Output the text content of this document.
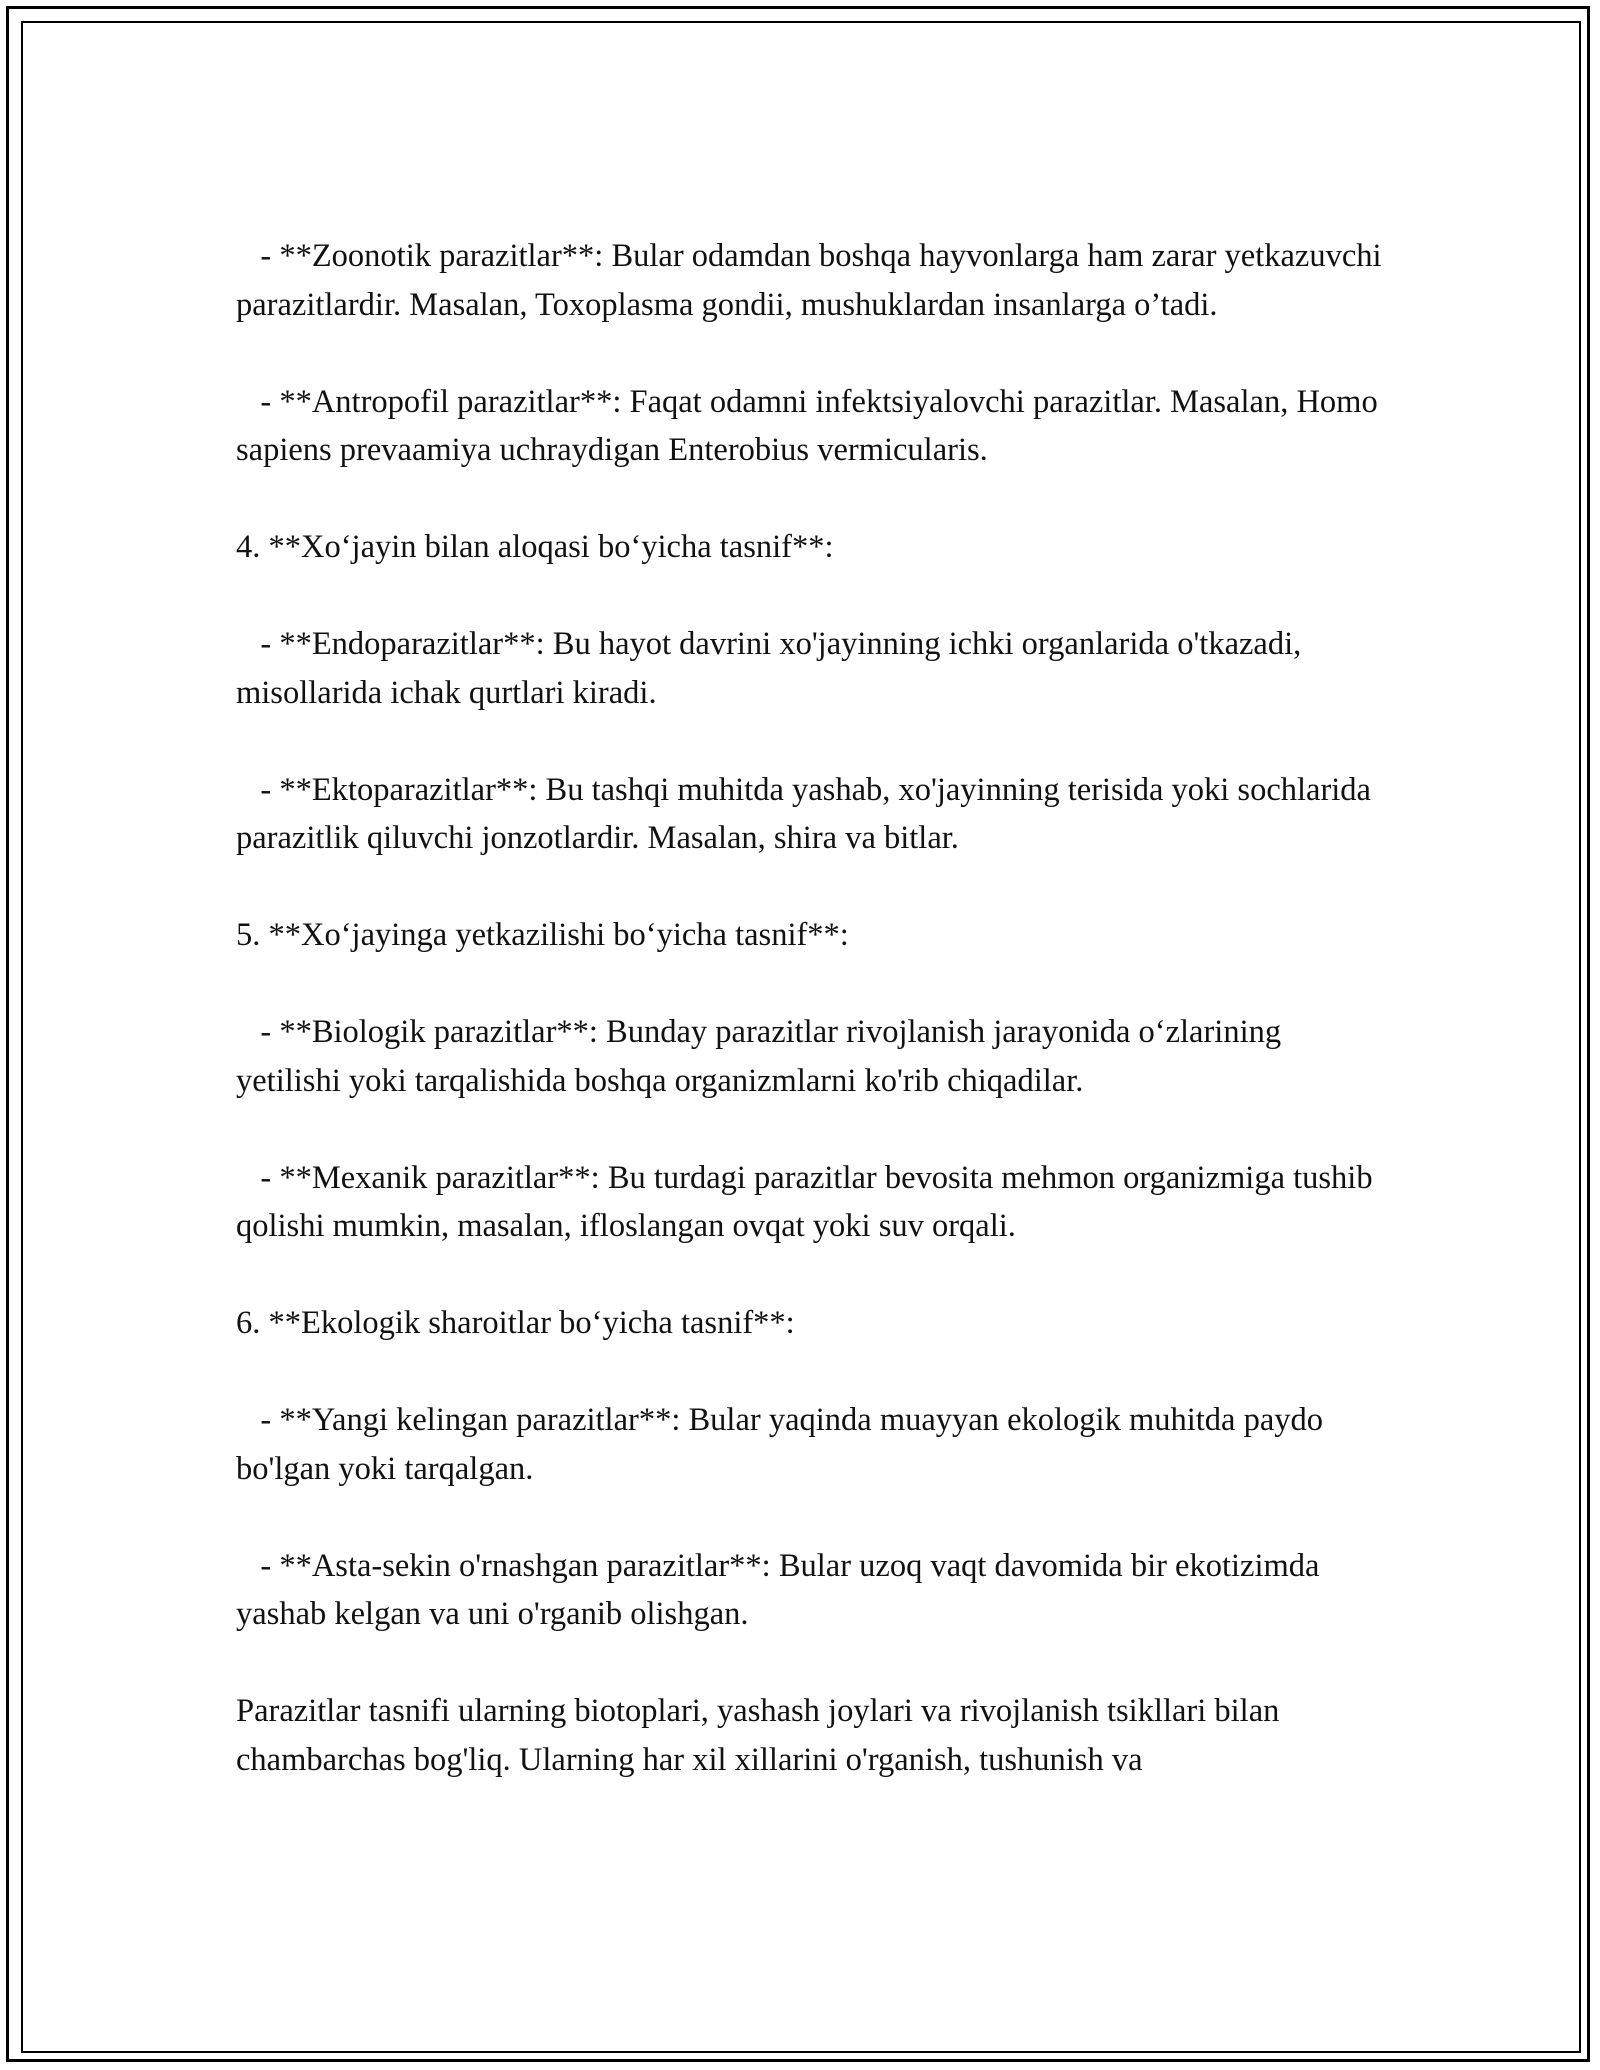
- **Zoonotik parazitlar**: Bular odamdan boshqa hayvonlarga ham zarar yetkazuvchi parazitlardir. Masalan, Toxoplasma gondii, mushuklardan insanlarga o’tadi.

- **Antropofil parazitlar**: Faqat odamni infektsiyalovchi parazitlar. Masalan, Homo sapiens prevaamiya uchraydigan Enterobius vermicularis.

4. **Xo‘jayin bilan aloqasi bo‘yicha tasnif**:

- **Endoparazitlar**: Bu hayot davrini xo'jayinning ichki organlarida o'tkazadi, misollarida ichak qurtlari kiradi.

- **Ektoparazitlar**: Bu tashqi muhitda yashab, xo'jayinning terisida yoki sochlarida parazitlik qiluvchi jonzotlardir. Masalan, shira va bitlar.

5. **Xo‘jayinga yetkazilishi bo‘yicha tasnif**:

- **Biologik parazitlar**: Bunday parazitlar rivojlanish jarayonida o‘zlarining yetilishi yoki tarqalishida boshqa organizmlarni ko'rib chiqadilar.

- **Mexanik parazitlar**: Bu turdagi parazitlar bevosita mehmon organizmiga tushib qolishi mumkin, masalan, ifloslangan ovqat yoki suv orqali.

6. **Ekologik sharoitlar bo‘yicha tasnif**:

- **Yangi kelingan parazitlar**: Bular yaqinda muayyan ekologik muhitda paydo bo'lgan yoki tarqalgan.

- **Asta-sekin o'rnashgan parazitlar**: Bular uzoq vaqt davomida bir ekotizimda yashab kelgan va uni o'rganib olishgan.

Parazitlar tasnifi ularning biotoplari, yashash joylari va rivojlanish tsikllari bilan chambarchas bog'liq. Ularning har xil xillarini o'rganish, tushunish va
